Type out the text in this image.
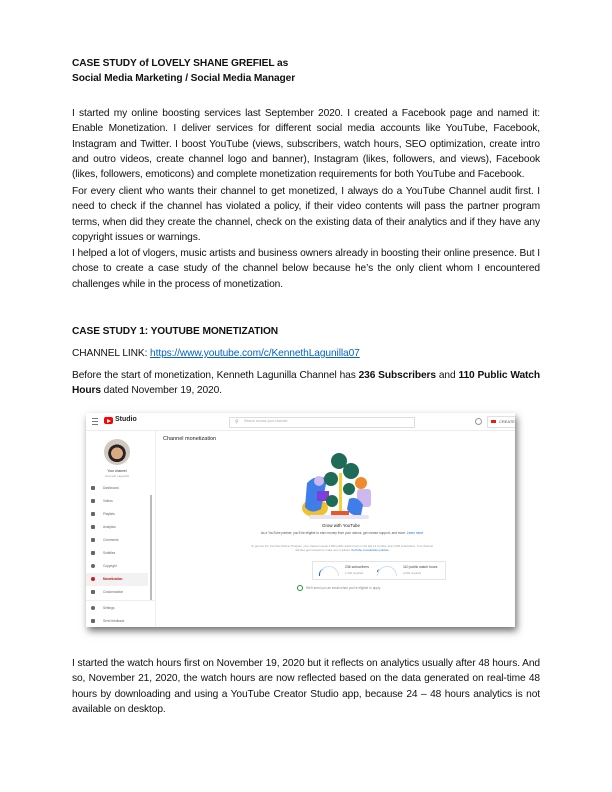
CASE STUDY of LOVELY SHANE GREFIEL as
Social Media Marketing / Social Media Manager
I started my online boosting services last September 2020. I created a Facebook page and named it: Enable Monetization. I deliver services for different social media accounts like YouTube, Facebook, Instagram and Twitter. I boost YouTube (views, subscribers, watch hours, SEO optimization, create intro and outro videos, create channel logo and banner), Instagram (likes, followers, and views), Facebook (likes, followers, emoticons) and complete monetization requirements for both YouTube and Facebook.
For every client who wants their channel to get monetized, I always do a YouTube Channel audit first. I need to check if the channel has violated a policy, if their video contents will pass the partner program terms, when did they create the channel, check on the existing data of their analytics and if they have any copyright issues or warnings.
I helped a lot of vlogers, music artists and business owners already in boosting their online presence. But I chose to create a case study of the channel below because he’s the only client whom I encountered challenges while in the process of monetization.
CASE STUDY 1: YOUTUBE MONETIZATION
CHANNEL LINK: https://www.youtube.com/c/KennethLagunilla07
Before the start of monetization, Kenneth Lagunilla Channel has 236 Subscribers and 110 Public Watch Hours dated November 19, 2020.
Studio	⚲ Search across your channel	CREATE
Your channel
Kenneth Lagunilla
Dashboard
Videos
Playlists
Analytics
Comments
Subtitles
Copyright
Monetization
Customization
Settings
Send feedback
Channel monetization
Grow with YouTube
As a YouTube partner, you'll be eligible to earn money from your videos, get creator support, and more. Learn more
To get into the YouTube Partner Program, your channel needs 4,000 public watch hours in the last 12 months, and 1,000 subscribers. Your channel will also get reviewed to make sure it follows YouTube monetization policies
236 subscribers
1,000 required
110 public watch hours
4,000 required
We'll send you an email when you're eligible to apply
I started the watch hours first on November 19, 2020 but it reflects on analytics usually after 48 hours. And so, November 21, 2020, the watch hours are now reflected based on the data generated on real-time 48 hours by downloading and using a YouTube Creator Studio app, because 24 – 48 hours analytics is not available on desktop.
